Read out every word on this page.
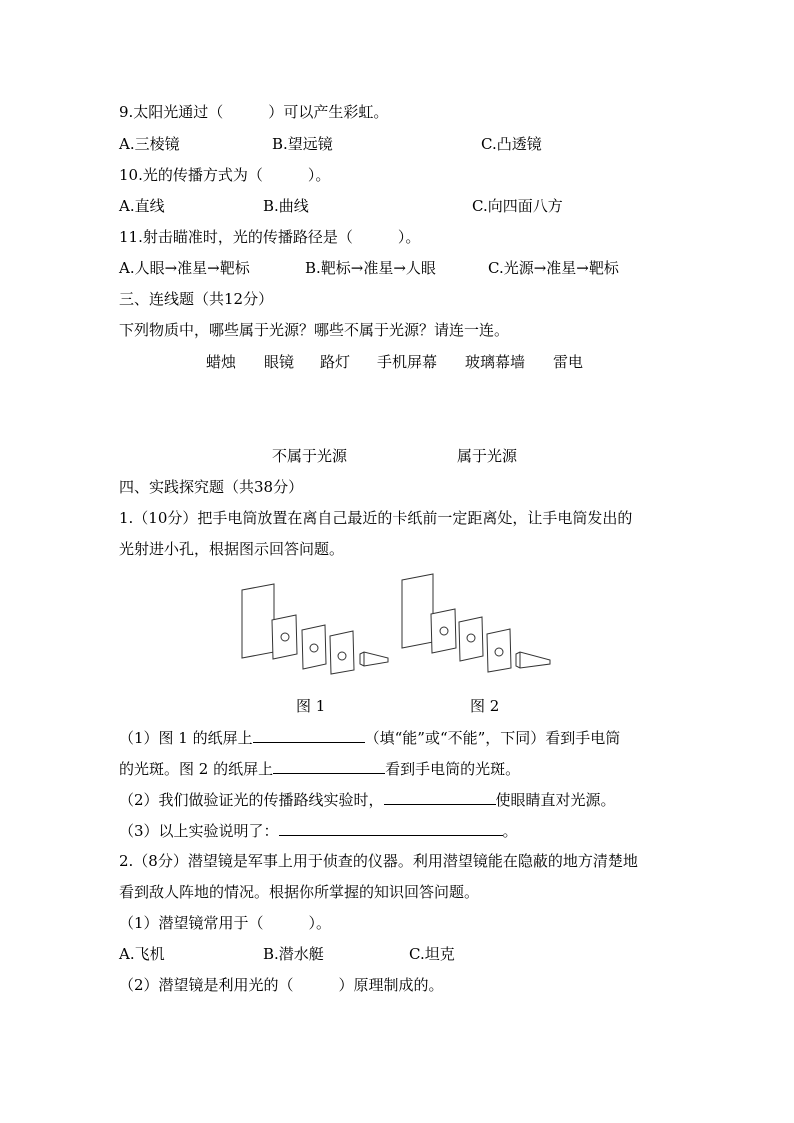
9.太阳光通过（　　　）可以产生彩虹。
A.三棱镜	B.望远镜	C.凸透镜
10.光的传播方式为（　　　）。
A.直线	B.曲线	C.向四面八方
11.射击瞄准时，光的传播路径是（　　　）。
A.人眼→准星→靶标	B.靶标→准星→人眼	C.光源→准星→靶标
三、连线题（共12分）
下列物质中，哪些属于光源？哪些不属于光源？请连一连。
蜡烛 眼镜 路灯 手机屏幕 玻璃幕墙 雷电
不属于光源	属于光源
四、实践探究题（共38分）
1.（10分）把手电筒放置在离自己最近的卡纸前一定距离处，让手电筒发出的
光射进小孔，根据图示回答问题。
图 1	图 2
（1）图 1 的纸屏上	（填“能”或“不能”，下同）看到手电筒
的光斑。图 2 的纸屏上	看到手电筒的光斑。
（2）我们做验证光的传播路线实验时，	使眼睛直对光源。
（3）以上实验说明了：	。
2.（8分）潜望镜是军事上用于侦查的仪器。利用潜望镜能在隐蔽的地方清楚地
看到敌人阵地的情况。根据你所掌握的知识回答问题。
（1）潜望镜常用于（　　　）。
A.飞机	B.潜水艇	C.坦克
（2）潜望镜是利用光的（　　　）原理制成的。
